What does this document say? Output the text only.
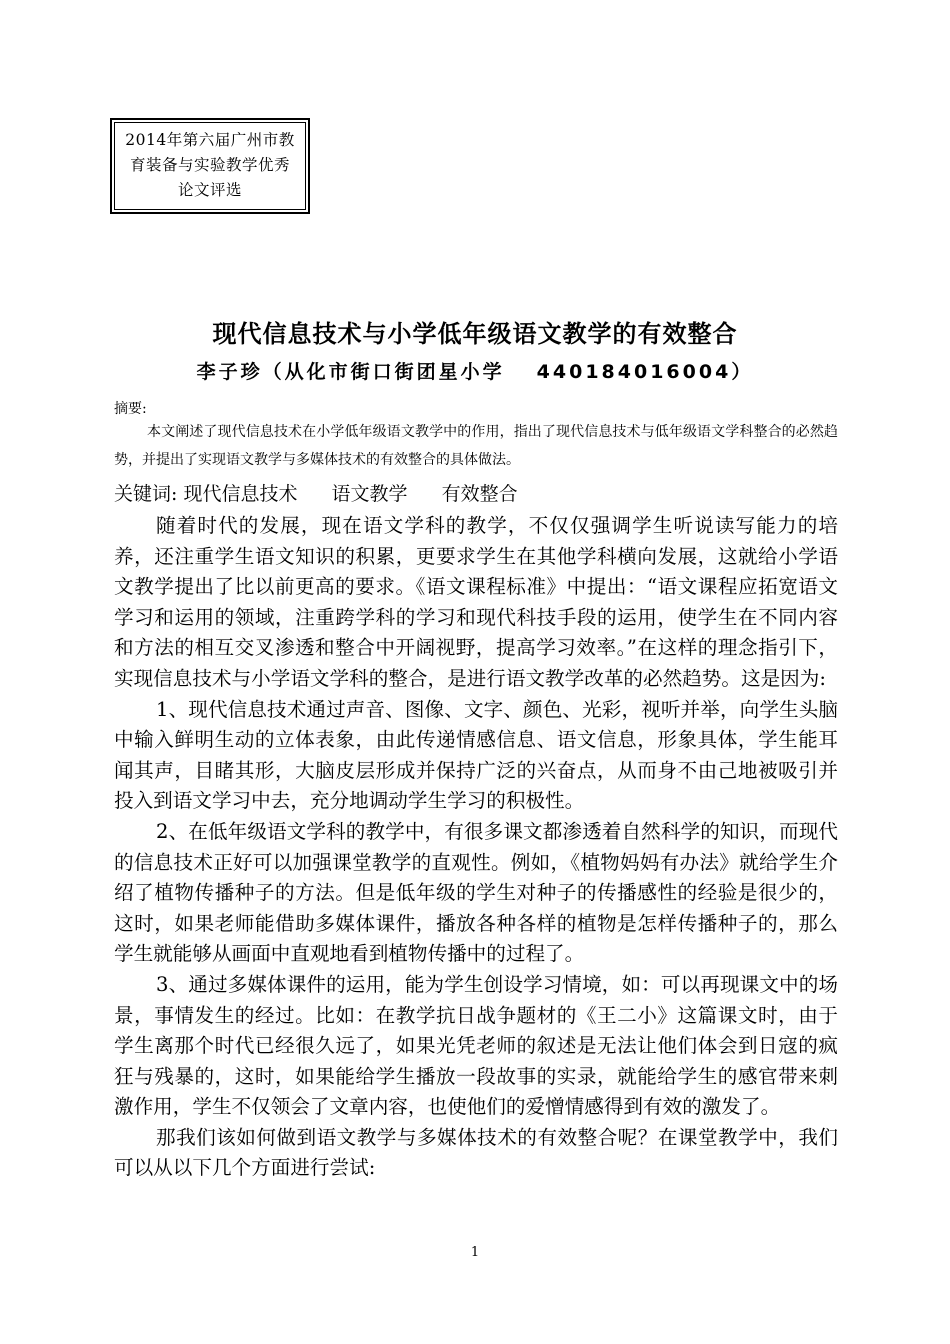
2014年第六届广州市教
育装备与实验教学优秀
论文评选
现代信息技术与小学低年级语文教学的有效整合
李子珍（从化市街口街团星小学 440184016004）
摘要:

本文阐述了现代信息技术在小学低年级语文教学中的作用，指出了现代信息技术与低年级语文学科整合的必然趋势，并提出了实现语文教学与多媒体技术的有效整合的具体做法。

关键词: 现代信息技术 语文教学 有效整合

随着时代的发展，现在语文学科的教学，不仅仅强调学生听说读写能力的培养，还注重学生语文知识的积累，更要求学生在其他学科横向发展，这就给小学语文教学提出了比以前更高的要求。《语文课程标准》中提出：“语文课程应拓宽语文学习和运用的领域，注重跨学科的学习和现代科技手段的运用，使学生在不同内容和方法的相互交叉渗透和整合中开阔视野，提高学习效率。”在这样的理念指引下，实现信息技术与小学语文学科的整合，是进行语文教学改革的必然趋势。这是因为:

1、现代信息技术通过声音、图像、文字、颜色、光彩，视听并举，向学生头脑中输入鲜明生动的立体表象，由此传递情感信息、语文信息，形象具体，学生能耳闻其声，目睹其形，大脑皮层形成并保持广泛的兴奋点，从而身不由己地被吸引并投入到语文学习中去，充分地调动学生学习的积极性。

2、在低年级语文学科的教学中，有很多课文都渗透着自然科学的知识，而现代的信息技术正好可以加强课堂教学的直观性。例如，《植物妈妈有办法》就给学生介绍了植物传播种子的方法。但是低年级的学生对种子的传播感性的经验是很少的，这时，如果老师能借助多媒体课件，播放各种各样的植物是怎样传播种子的，那么学生就能够从画面中直观地看到植物传播中的过程了。

3、通过多媒体课件的运用，能为学生创设学习情境，如：可以再现课文中的场景，事情发生的经过。比如：在教学抗日战争题材的《王二小》这篇课文时，由于学生离那个时代已经很久远了，如果光凭老师的叙述是无法让他们体会到日寇的疯狂与残暴的，这时，如果能给学生播放一段故事的实录，就能给学生的感官带来刺激作用，学生不仅领会了文章内容，也使他们的爱憎情感得到有效的激发了。

那我们该如何做到语文教学与多媒体技术的有效整合呢？在课堂教学中，我们可以从以下几个方面进行尝试:

1
